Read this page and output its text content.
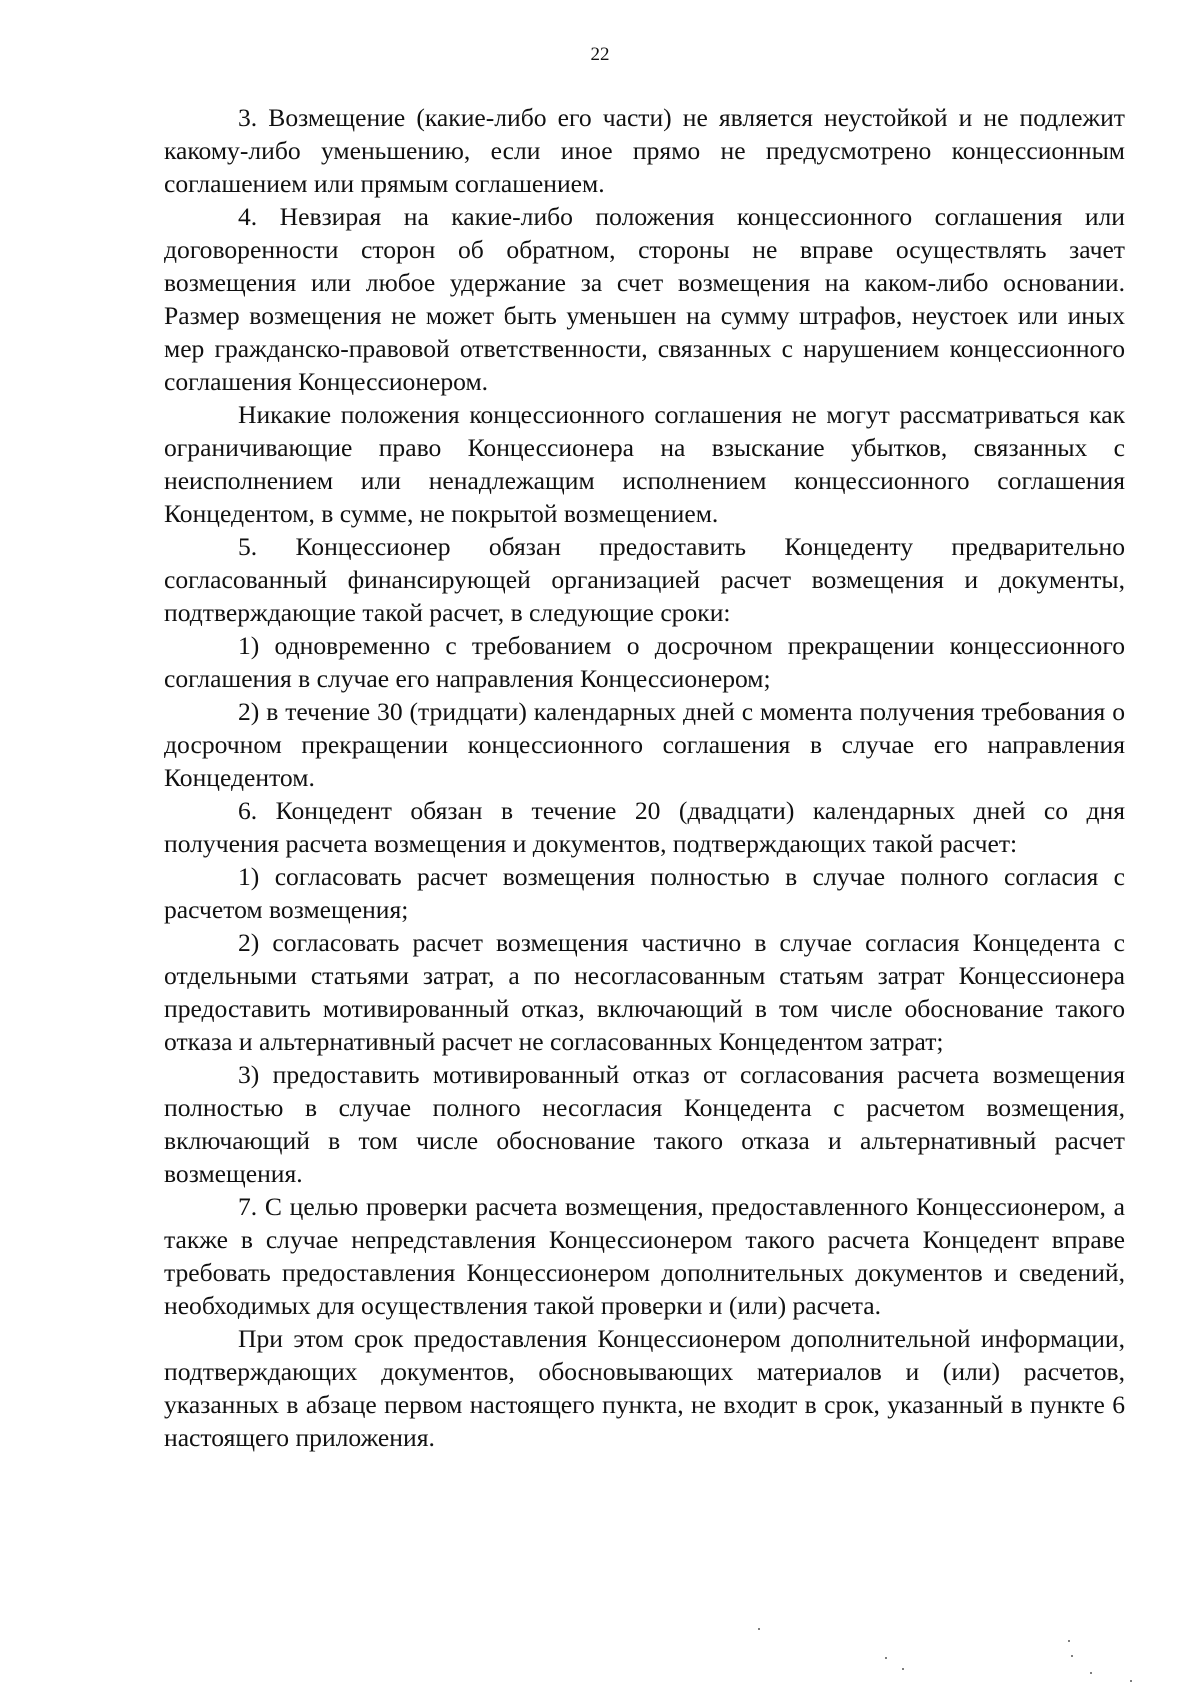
22

3. Возмещение (какие-либо его части) не является неустойкой и не подлежит какому-либо уменьшению, если иное прямо не предусмотрено концессионным соглашением или прямым соглашением.

4. Невзирая на какие-либо положения концессионного соглашения или договоренности сторон об обратном, стороны не вправе осуществлять зачет возмещения или любое удержание за счет возмещения на каком-либо основании. Размер возмещения не может быть уменьшен на сумму штрафов, неустоек или иных мер гражданско-правовой ответственности, связанных с нарушением концессионного соглашения Концессионером.

Никакие положения концессионного соглашения не могут рассматриваться как ограничивающие право Концессионера на взыскание убытков, связанных с неисполнением или ненадлежащим исполнением концессионного соглашения Концедентом, в сумме, не покрытой возмещением.

5. Концессионер обязан предоставить Концеденту предварительно согласованный финансирующей организацией расчет возмещения и документы, подтверждающие такой расчет, в следующие сроки:

1) одновременно с требованием о досрочном прекращении концессионного соглашения в случае его направления Концессионером;

2) в течение 30 (тридцати) календарных дней с момента получения требования о досрочном прекращении концессионного соглашения в случае его направления Концедентом.

6. Концедент обязан в течение 20 (двадцати) календарных дней со дня получения расчета возмещения и документов, подтверждающих такой расчет:

1) согласовать расчет возмещения полностью в случае полного согласия с расчетом возмещения;

2) согласовать расчет возмещения частично в случае согласия Концедента с отдельными статьями затрат, а по несогласованным статьям затрат Концессионера предоставить мотивированный отказ, включающий в том числе обоснование такого отказа и альтернативный расчет не согласованных Концедентом затрат;

3) предоставить мотивированный отказ от согласования расчета возмещения полностью в случае полного несогласия Концедента с расчетом возмещения, включающий в том числе обоснование такого отказа и альтернативный расчет возмещения.

7. С целью проверки расчета возмещения, предоставленного Концессионером, а также в случае непредставления Концессионером такого расчета Концедент вправе требовать предоставления Концессионером дополнительных документов и сведений, необходимых для осуществления такой проверки и (или) расчета.

При этом срок предоставления Концессионером дополнительной информации, подтверждающих документов, обосновывающих материалов и (или) расчетов, указанных в абзаце первом настоящего пункта, не входит в срок, указанный в пункте 6 настоящего приложения.
